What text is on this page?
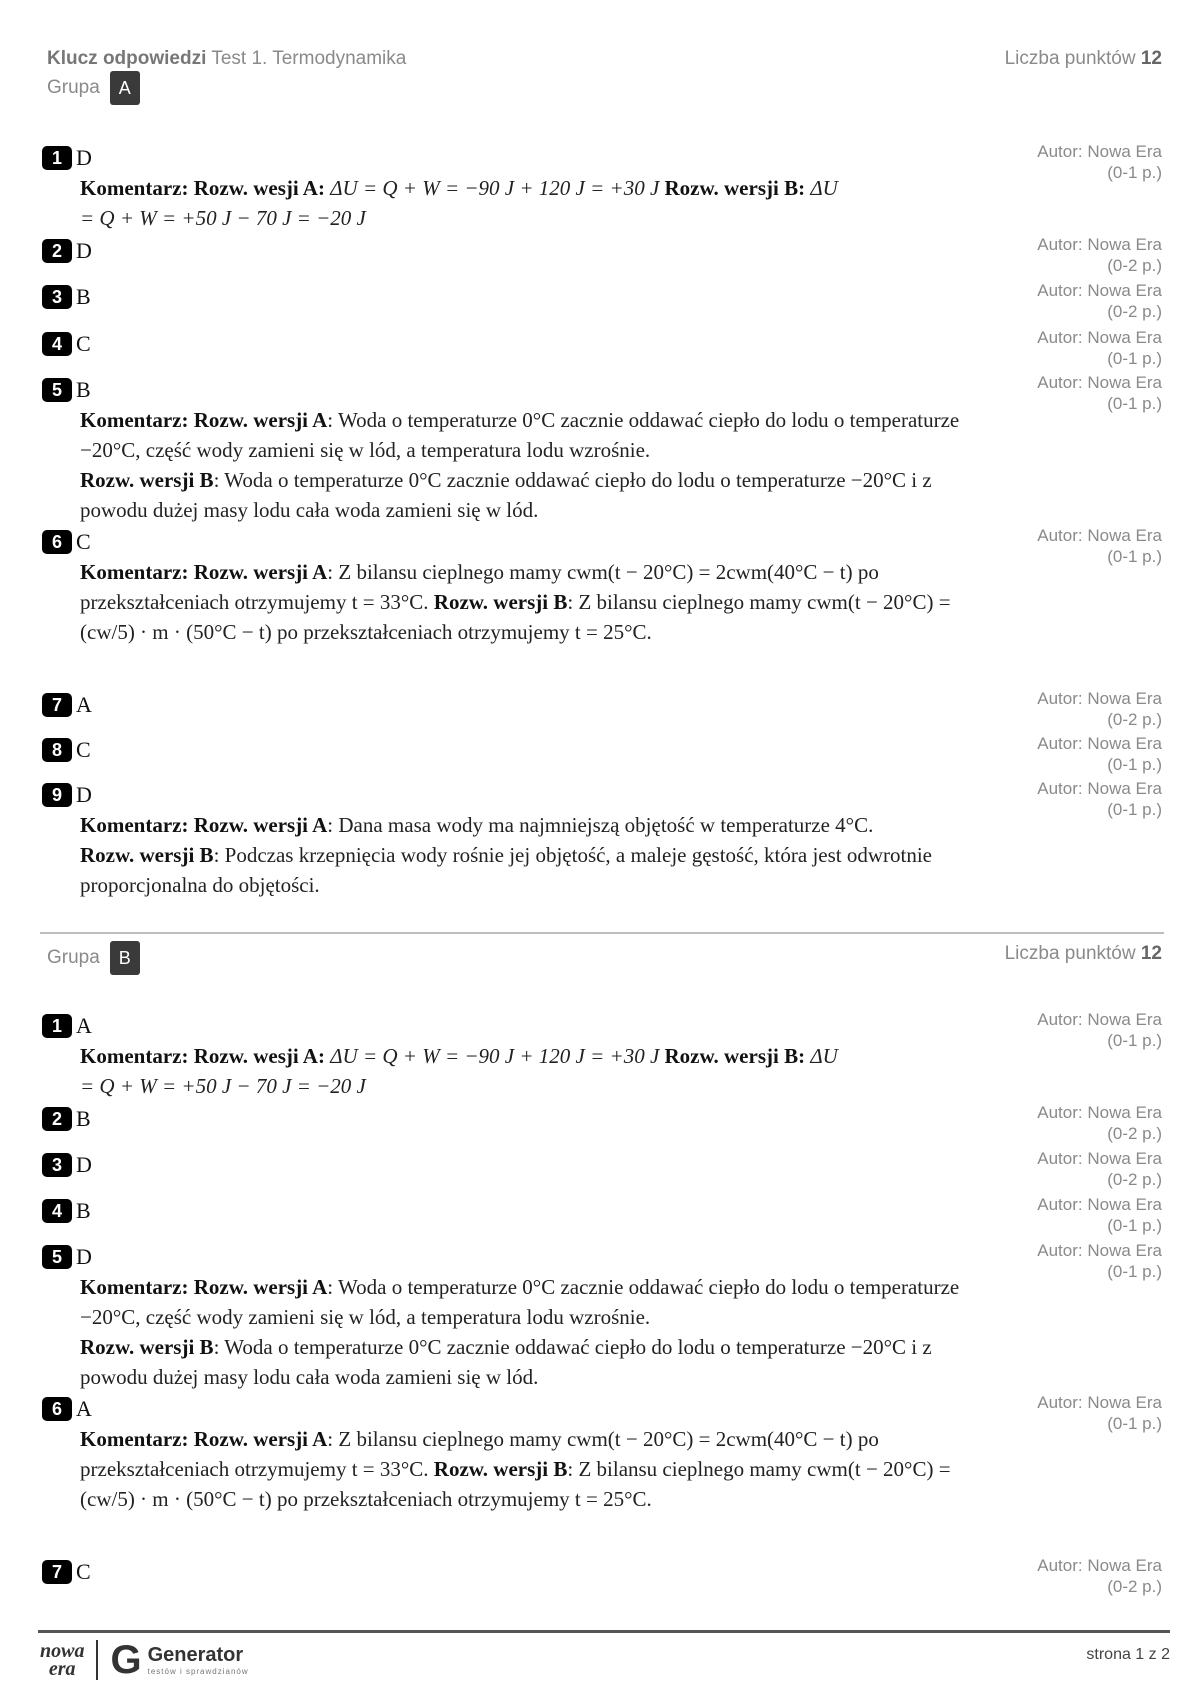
Klucz odpowiedzi Test 1. Termodynamika	Liczba punktów 12
Grupa	A
1 D
Komentarz: Rozw. wesji A: ΔU = Q + W = −90 J + 120 J = +30 J Rozw. wersji B: ΔU
= Q + W = +50 J − 70 J = −20 J
Autor: Nowa Era
(0-1 p.)
2 D	Autor: Nowa Era
(0-2 p.)
3 B	Autor: Nowa Era
(0-2 p.)
4 C	Autor: Nowa Era
(0-1 p.)
5 B

Komentarz: Rozw. wersji A: Woda o temperaturze 0°C zacznie oddawać ciepło do lodu o temperaturze −20°C, część wody zamieni się w lód, a temperatura lodu wzrośnie.

Rozw. wersji B: Woda o temperaturze 0°C zacznie oddawać ciepło do lodu o temperaturze −20°C i z powodu dużej masy lodu cała woda zamieni się w lód.

Autor: Nowa Era
(0-1 p.)
6 C

Komentarz: Rozw. wersji A: Z bilansu cieplnego mamy cwm(t − 20°C) = 2cwm(40°C − t) po przekształceniach otrzymujemy t = 33°C. Rozw. wersji B: Z bilansu cieplnego mamy cwm(t − 20°C) = (cw/5) · m · (50°C − t) po przekształceniach otrzymujemy t = 25°C.

Autor: Nowa Era
(0-1 p.)
7 A	Autor: Nowa Era
(0-2 p.)
8 C	Autor: Nowa Era
(0-1 p.)
9 D

Komentarz: Rozw. wersji A: Dana masa wody ma najmniejszą objętość w temperaturze 4°C.

Rozw. wersji B: Podczas krzepnięcia wody rośnie jej objętość, a maleje gęstość, która jest odwrotnie proporcjonalna do objętości.

Autor: Nowa Era
(0-1 p.)
Grupa	B	Liczba punktów 12
1 A
Komentarz: Rozw. wesji A: ΔU = Q + W = −90 J + 120 J = +30 J Rozw. wersji B: ΔU
= Q + W = +50 J − 70 J = −20 J
Autor: Nowa Era
(0-1 p.)
2 B	Autor: Nowa Era
(0-2 p.)
3 D	Autor: Nowa Era
(0-2 p.)
4 B	Autor: Nowa Era
(0-1 p.)
5 D

Komentarz: Rozw. wersji A: Woda o temperaturze 0°C zacznie oddawać ciepło do lodu o temperaturze −20°C, część wody zamieni się w lód, a temperatura lodu wzrośnie.

Rozw. wersji B: Woda o temperaturze 0°C zacznie oddawać ciepło do lodu o temperaturze −20°C i z powodu dużej masy lodu cała woda zamieni się w lód.

Autor: Nowa Era
(0-1 p.)
6 A

Komentarz: Rozw. wersji A: Z bilansu cieplnego mamy cwm(t − 20°C) = 2cwm(40°C − t) po przekształceniach otrzymujemy t = 33°C. Rozw. wersji B: Z bilansu cieplnego mamy cwm(t − 20°C) = (cw/5) · m · (50°C − t) po przekształceniach otrzymujemy t = 25°C.

Autor: Nowa Era
(0-1 p.)
7 C	Autor: Nowa Era
(0-2 p.)
nowa
era G Generator
testów i sprawdzianów
strona 1 z 2
